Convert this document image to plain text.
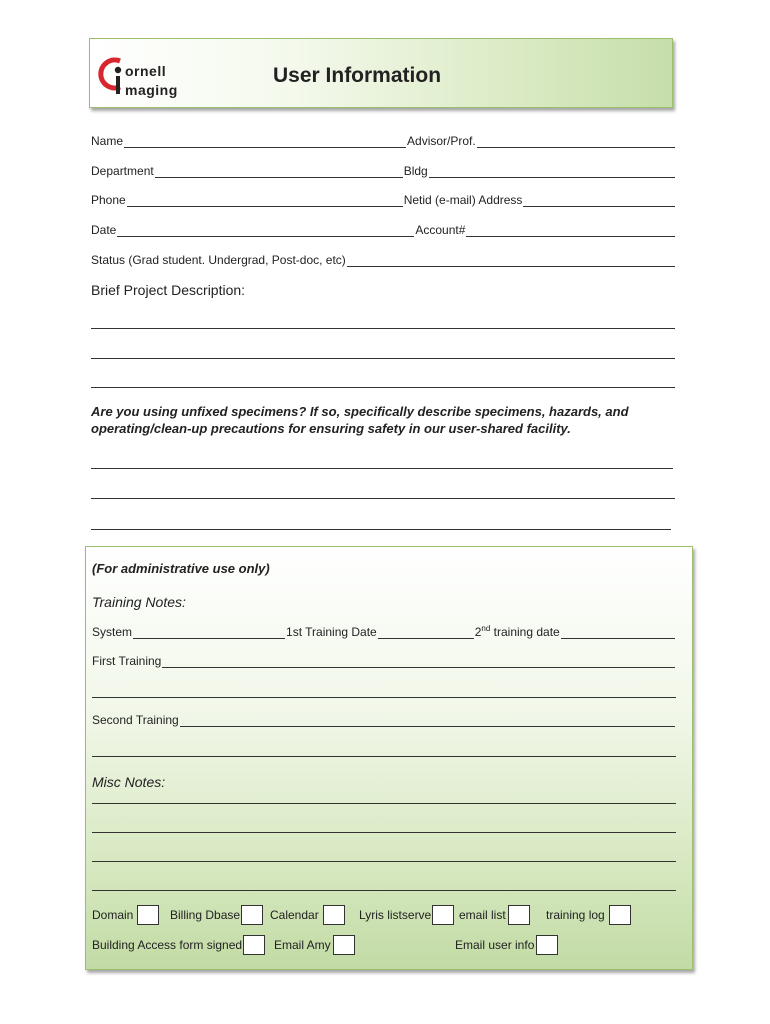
ornell
maging
User Information
Name	Advisor/Prof.
Department	Bldg
Phone	Netid (e-mail) Address
Date	Account#
Status (Grad student. Undergrad, Post-doc, etc)
Brief Project Description:
Are you using unfixed specimens? If so, specifically describe specimens, hazards, and operating/clean-up precautions for ensuring safety in our user-shared facility.
(For administrative use only)
Training Notes:
System	1st Training Date	2nd training date
First Training
Second Training
Misc Notes:
Domain	Billing Dbase Calendar	Lyris listserve email list	training log
Building Access form signed	Email Amy	Email user info
